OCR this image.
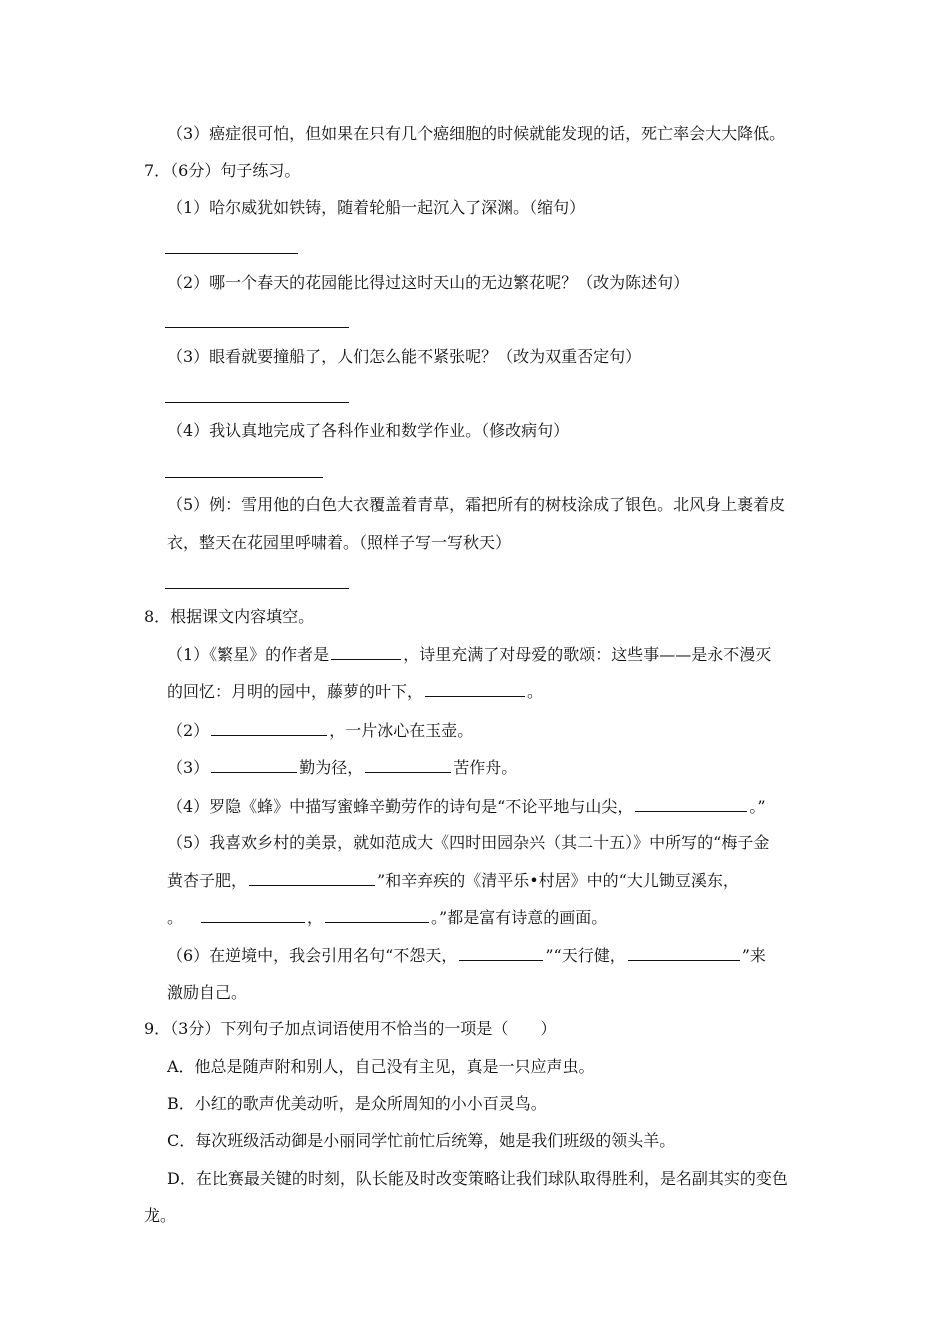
（3）癌症很可怕，但如果在只有几个癌细胞的时候就能发现的话，死亡率会大大降低。
7．（6分）句子练习。
（1）哈尔威犹如铁铸，随着轮船一起沉入了深渊。（缩句）
（2）哪一个春天的花园能比得过这时天山的无边繁花呢？（改为陈述句）
（3）眼看就要撞船了，人们怎么能不紧张呢？（改为双重否定句）
（4）我认真地完成了各科作业和数学作业。（修改病句）
（5）例：雪用他的白色大衣覆盖着青草，霜把所有的树枝涂成了银色。北风身上裹着皮
衣，整天在花园里呼啸着。（照样子写一写秋天）
8．根据课文内容填空。
（1）《繁星》的作者是	，诗里充满了对母爱的歌颂：这些事——是永不漫灭
的回忆：月明的园中，藤萝的叶下，	。
（2）	，一片冰心在玉壶。
（3）	勤为径，	苦作舟。
（4）罗隐《蜂》中描写蜜蜂辛勤劳作的诗句是“不论平地与山尖，	。”
（5）我喜欢乡村的美景，就如范成大《四时田园杂兴（其二十五）》中所写的“梅子金
黄杏子肥，	”和辛弃疾的《清平乐•村居》中的“大儿锄豆溪东，
。 	，	。”都是富有诗意的画面。
（6）在逆境中，我会引用名句“不怨天，	”“天行健，	”来
激励自己。
9．（3分）下列句子加点词语使用不恰当的一项是（　　）
A．他总是随声附和别人，自己没有主见，真是一只应声虫。
B．小红的歌声优美动听，是众所周知的小小百灵鸟。
C．每次班级活动御是小丽同学忙前忙后统筹，她是我们班级的领头羊。
D．在比赛最关键的时刻，队长能及时改变策略让我们球队取得胜利，是名副其实的变色
龙。
